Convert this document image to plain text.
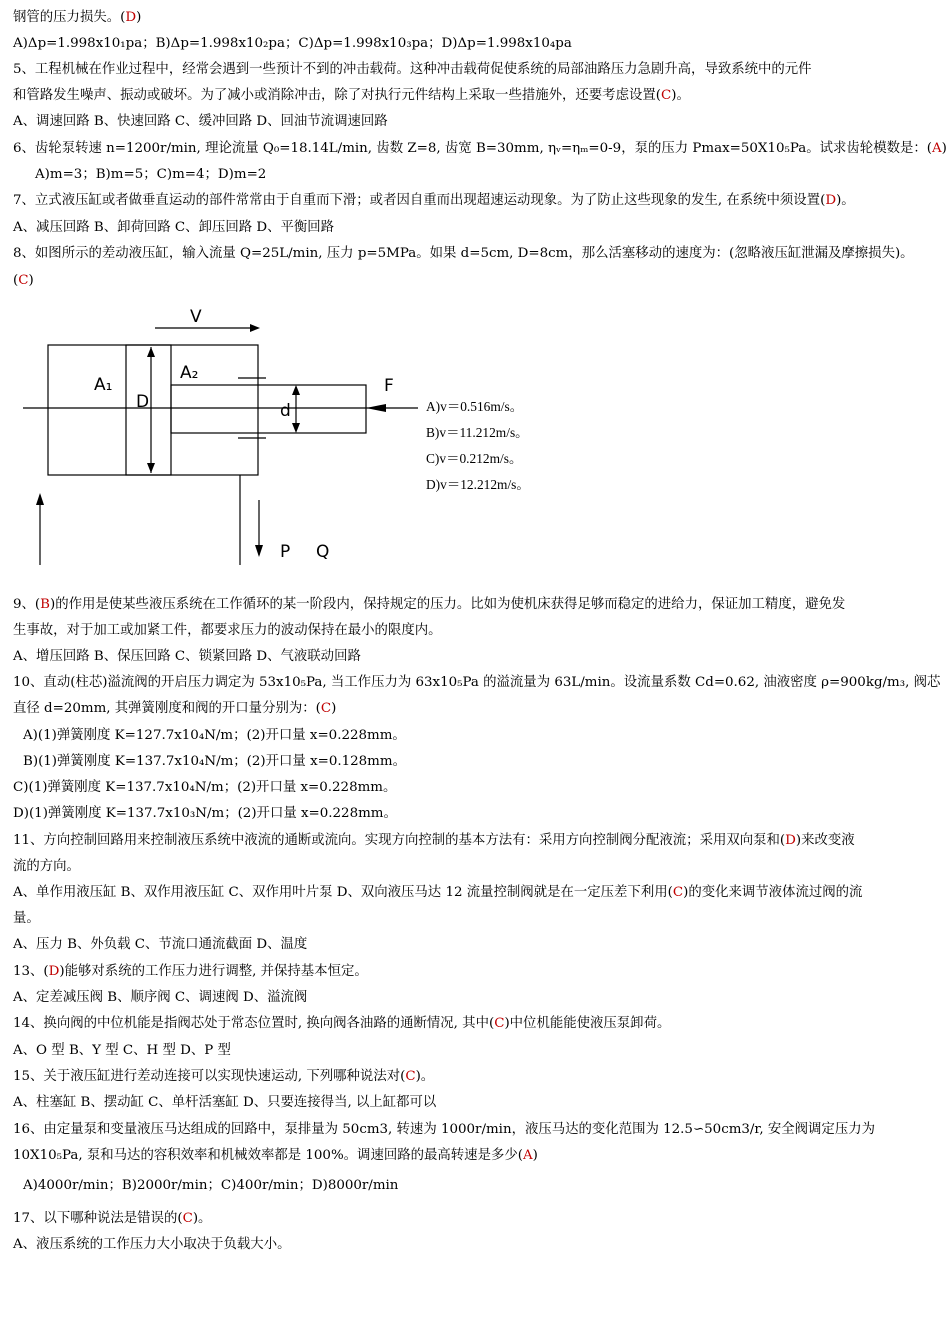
钢管的压力损失。(D)
A)Δp=1.998x10₁pa；B)Δp=1.998x10₂pa；C)Δp=1.998x10₃pa；D)Δp=1.998x10₄pa
5、工程机械在作业过程中，经常会遇到一些预计不到的冲击载荷。这种冲击载荷促使系统的局部油路压力急剧升高，导致系统中的元件
和管路发生噪声、振动或破坏。为了减小或消除冲击，除了对执行元件结构上采取一些措施外，还要考虑设置(C)。
A、调速回路 B、快速回路 C、缓冲回路 D、回油节流调速回路
6、齿轮泵转速 n=1200r/min, 理论流量 Q₀=18.14L/min, 齿数 Z=8, 齿宽 B=30mm, ηᵥ=ηₘ=0-9，泵的压力 Pmax=50X10₅Pa。试求齿轮模数是：(A)
A)m=3；B)m=5；C)m=4；D)m=2
7、立式液压缸或者做垂直运动的部件常常由于自重而下滑；或者因自重而出现超速运动现象。为了防止这些现象的发生, 在系统中须设置(D)。
A、减压回路 B、卸荷回路 C、卸压回路 D、平衡回路
8、如图所示的差动液压缸，输入流量 Q=25L/min, 压力 p=5MPa。如果 d=5cm, D=8cm，那么活塞移动的速度为：(忽略液压缸泄漏及摩擦损失)。
(C)
9、(B)的作用是使某些液压系统在工作循环的某一阶段内，保持规定的压力。比如为使机床获得足够而稳定的进给力，保证加工精度，避免发
生事故，对于加工或加紧工件，都要求压力的波动保持在最小的限度内。
A、增压回路 B、保压回路 C、锁紧回路 D、气液联动回路
10、直动(柱芯)溢流阀的开启压力调定为 53x10₅Pa, 当工作压力为 63x10₅Pa 的溢流量为 63L/min。设流量系数 Cd=0.62, 油液密度 ρ=900kg/m₃, 阀芯
直径 d=20mm, 其弹簧刚度和阀的开口量分别为：(C)
A)(1)弹簧刚度 K=127.7x10₄N/m；(2)开口量 x=0.228mm。
B)(1)弹簧刚度 K=137.7x10₄N/m；(2)开口量 x=0.128mm。
C)(1)弹簧刚度 K=137.7x10₄N/m；(2)开口量 x=0.228mm。
D)(1)弹簧刚度 K=137.7x10₃N/m；(2)开口量 x=0.228mm。
11、方向控制回路用来控制液压系统中液流的通断或流向。实现方向控制的基本方法有：采用方向控制阀分配液流；采用双向泵和(D)来改变液
流的方向。
A、单作用液压缸 B、双作用液压缸 C、双作用叶片泵 D、双向液压马达 12 流量控制阀就是在一定压差下利用(C)的变化来调节液体流过阀的流
量。
A、压力 B、外负载 C、节流口通流截面 D、温度
13、(D)能够对系统的工作压力进行调整, 并保持基本恒定。
A、定差减压阀 B、顺序阀 C、调速阀 D、溢流阀
14、换向阀的中位机能是指阀芯处于常态位置时, 换向阀各油路的通断情况, 其中(C)中位机能能使液压泵卸荷。
A、O 型 B、Y 型 C、H 型 D、P 型
15、关于液压缸进行差动连接可以实现快速运动, 下列哪种说法对(C)。
A、柱塞缸 B、摆动缸 C、单杆活塞缸 D、只要连接得当, 以上缸都可以
16、由定量泵和变量液压马达组成的回路中，泵排量为 50cm3, 转速为 1000r/min，液压马达的变化范围为 12.5∽50cm3/r, 安全阀调定压力为
10X10₅Pa, 泵和马达的容积效率和机械效率都是 100%。调速回路的最高转速是多少(A)
A)4000r/min；B)2000r/min；C)400r/min；D)8000r/min
17、以下哪种说法是错误的(C)。
A、液压系统的工作压力大小取决于负载大小。
V
A₁
A₂
D	d
F
P Q
A)v＝0.516m/s。
B)v＝11.212m/s。
C)v＝0.212m/s。
D)v＝12.212m/s。
